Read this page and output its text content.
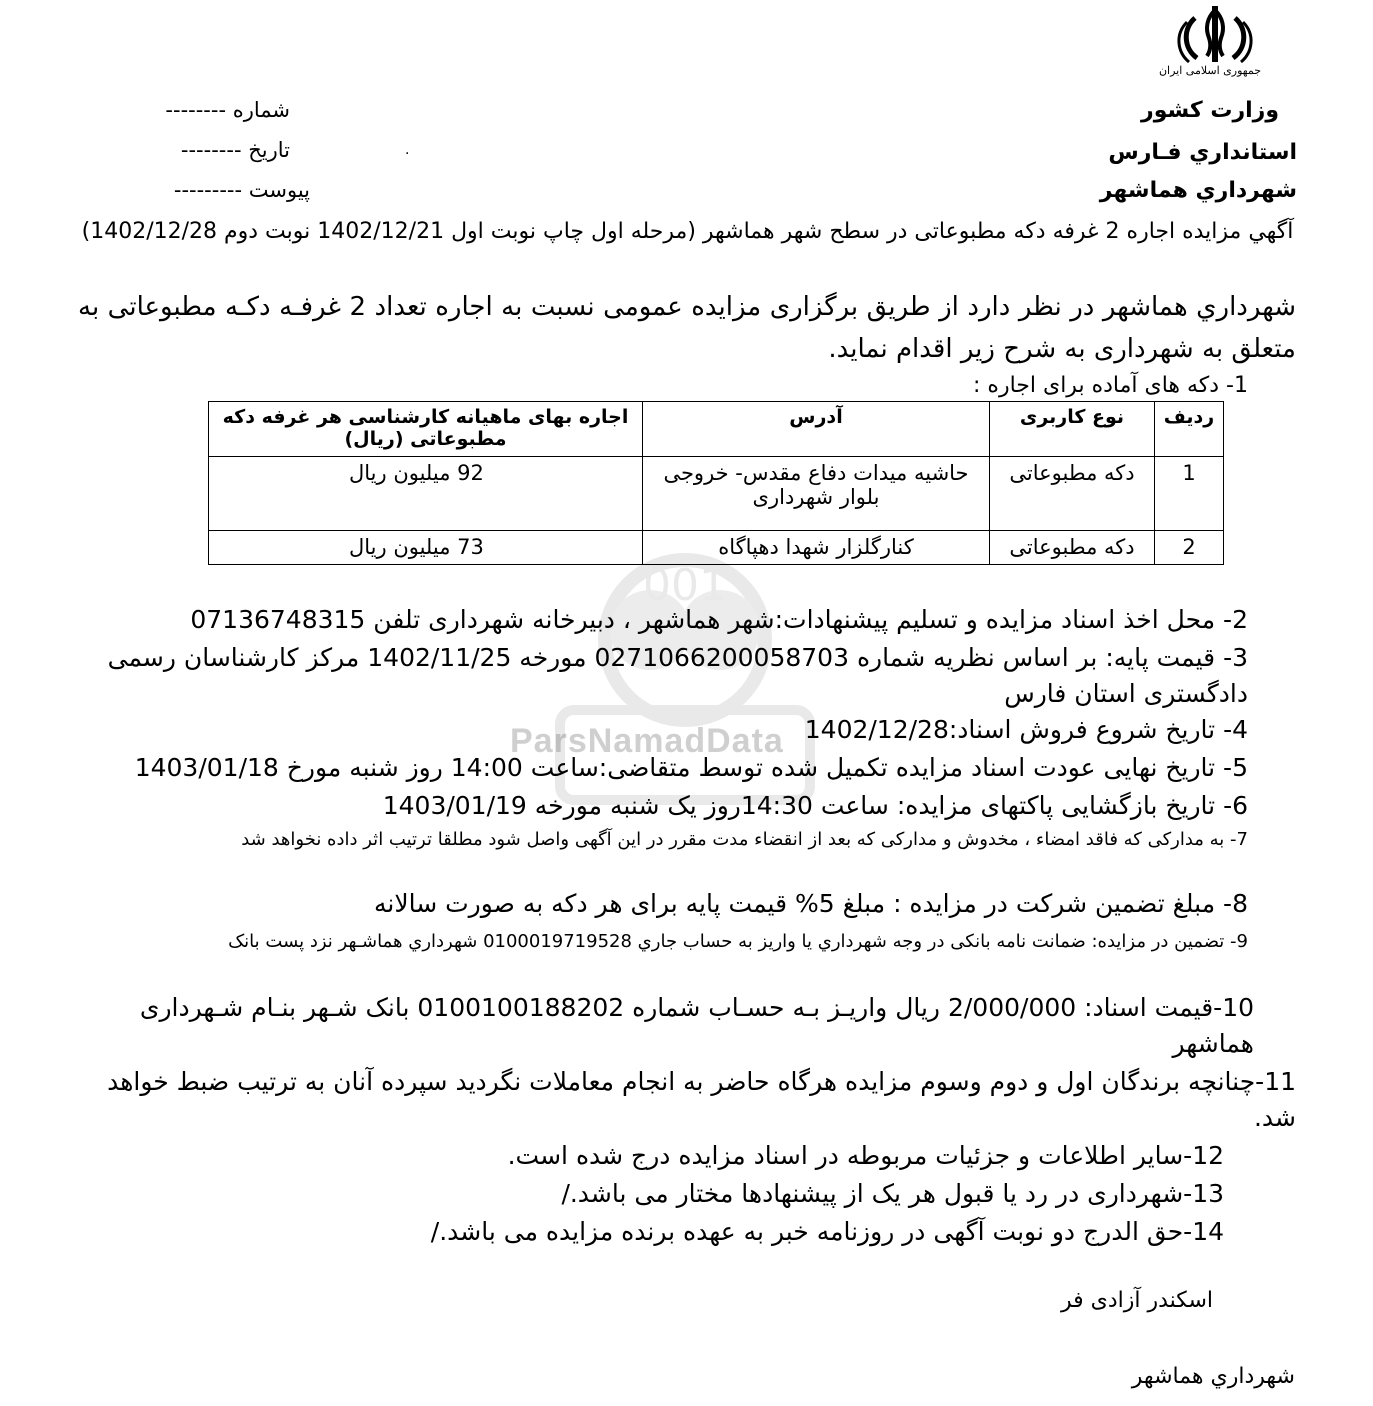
001
ParsNamadData
جمهوری اسلامی ایران
شماره --------
تاريخ --------
پيوست ---------
.
وزارت كشور
استانداري فـارس
شهرداري هماشهر
آگهي مزايده اجاره 2 غرفه دكه مطبوعاتی در سطح شهر هماشهر (مرحله اول چاپ نوبت اول 1402/12/21 نوبت دوم 1402/12/28)
شهرداري هماشهر در نظر دارد از طريق برگزاری مزايده عمومی نسبت به اجاره تعداد 2 غرفـه دكـه مطبوعاتی به متعلق به شهرداری به شرح زير اقدام نمايد.
1- دكه های آماده برای اجاره :
رديف	نوع كاربری	آدرس	اجاره بهای ماهيانه كارشناسی هر غرفه دكه مطبوعاتی (ريال)
1	دكه مطبوعاتی	حاشيه ميدات دفاع مقدس- خروجی بلوار شهرداری	92 ميليون ريال
2	دكه مطبوعاتی	كنارگلزار شهدا دهپاگاه	73 ميليون ريال
2- محل اخذ اسناد مزايده و تسليم پيشنهادات:شهر هماشهر ، دبيرخانه شهرداری تلفن 07136748315
3- قيمت پايه: بر اساس نظريه شماره 0271066200058703 مورخه 1402/11/25 مركز كارشناسان رسمی دادگستری استان فارس
4- تاريخ شروع فروش اسناد:1402/12/28
5- تاريخ نهايی عودت اسناد مزايده تكميل شده توسط متقاضی:ساعت 14:00 روز شنبه مورخ 1403/01/18
6- تاريخ بازگشايی پاكتهای مزايده: ساعت 14:30روز يک شنبه مورخه 1403/01/19
7- به مداركی كه فاقد امضاء ، مخدوش و مداركی كه بعد از انقضاء مدت مقرر در اين آگهی واصل شود مطلقا ترتيب اثر داده نخواهد شد
8- مبلغ تضمين شركت در مزايده : مبلغ 5% قيمت پايه برای هر دكه به صورت سالانه
9- تضمين در مزايده: ضمانت نامه بانكی در وجه شهرداري يا واريز به حساب جاري 0100019719528 شهرداري هماشـهر نزد پست بانک
10-قيمت اسناد: 2/000/000 ريال واريـز بـه حسـاب شماره 0100100188202 بانک شـهر بنـام شـهرداری هماشهر
11-چنانچه برندگان اول و دوم وسوم مزايده هرگاه حاضر به انجام معاملات نگرديد سپرده آنان به ترتيب ضبط خواهد شد.
12-ساير اطلاعات و جزئيات مربوطه در اسناد مزايده درج شده است.
13-شهرداری در رد يا قبول هر يک از پيشنهادها مختار می باشد./
14-حق الدرج دو نوبت آگهی در روزنامه خبر به عهده برنده مزايده می باشد./
اسكندر آزادی فر
شهرداري هماشهر
